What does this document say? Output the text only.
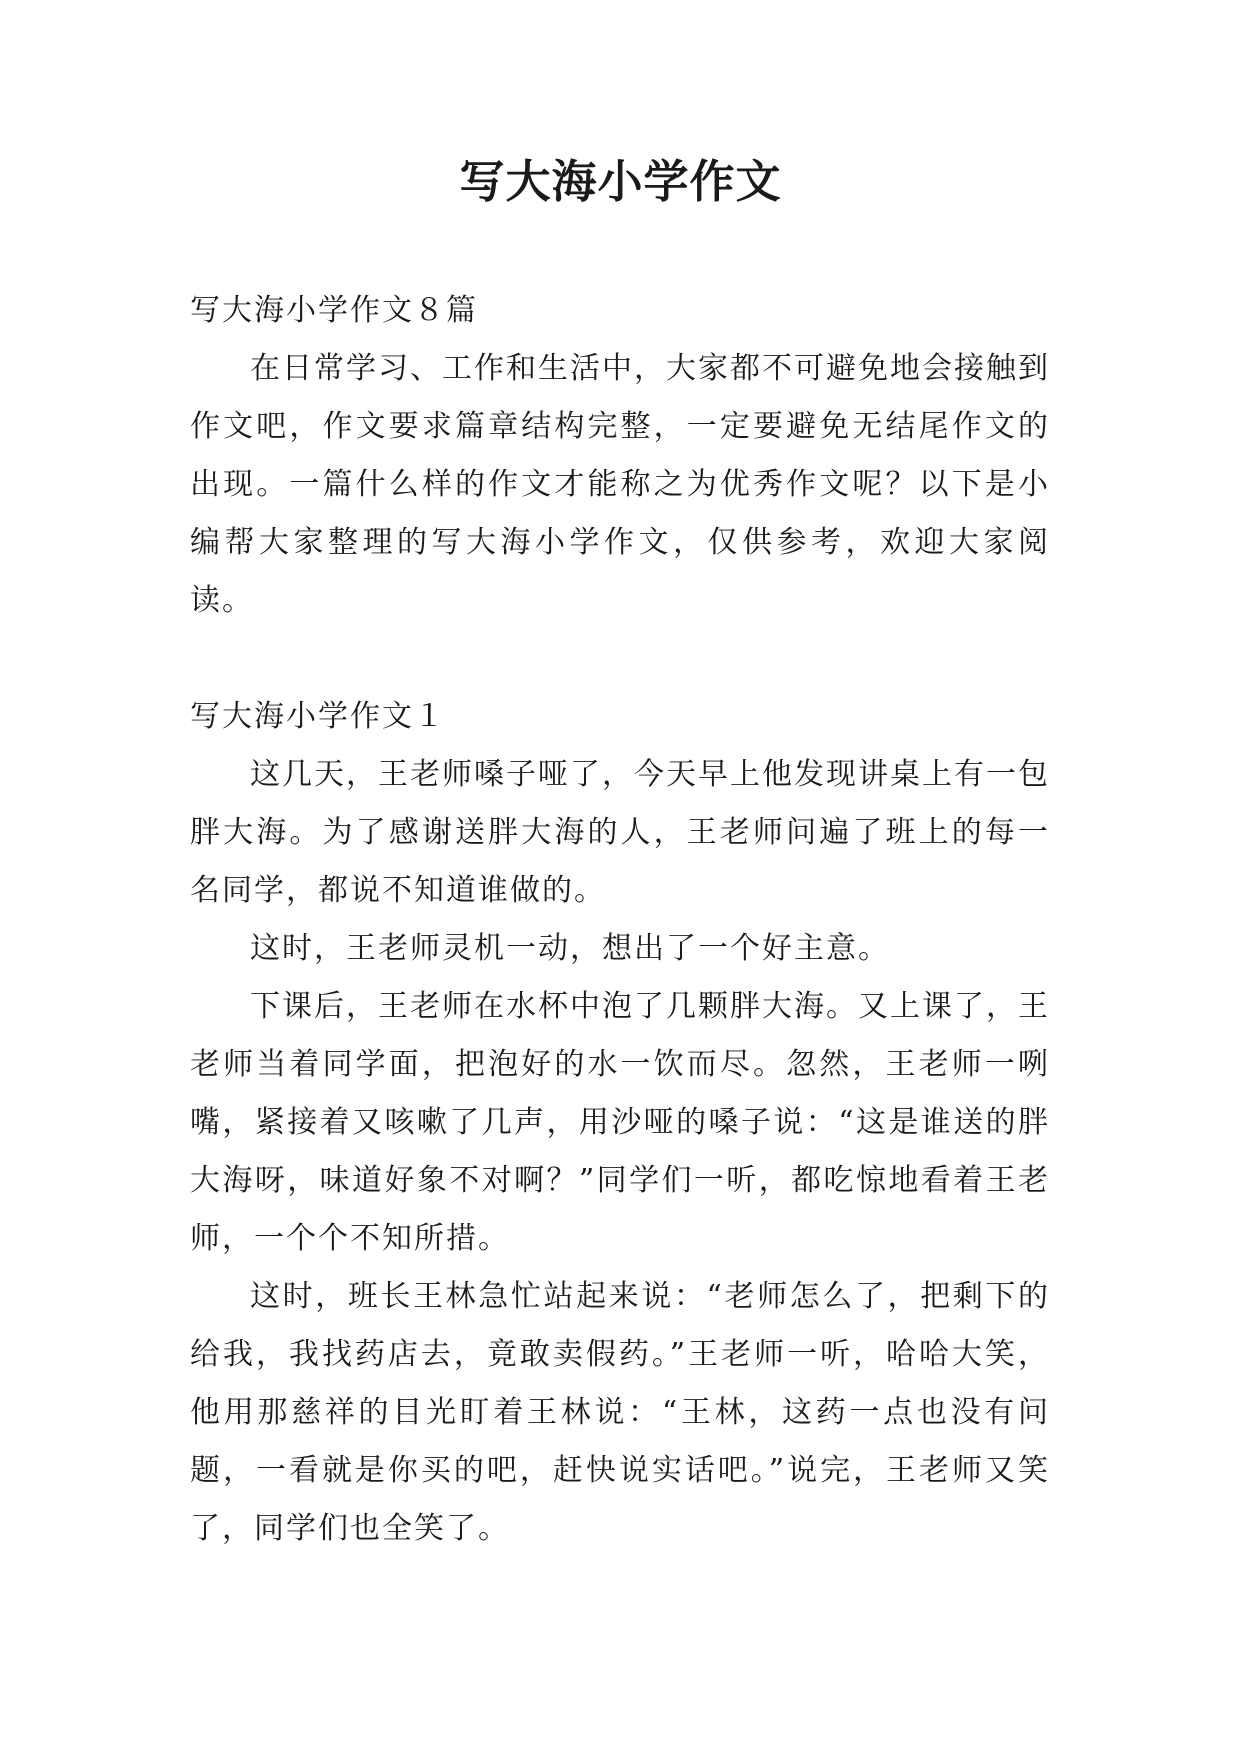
写大海小学作文

写大海小学作文８篇

在日常学习、工作和生活中，大家都不可避免地会接触到作文吧，作文要求篇章结构完整，一定要避免无结尾作文的出现。一篇什么样的作文才能称之为优秀作文呢？以下是小编帮大家整理的写大海小学作文，仅供参考，欢迎大家阅读。

写大海小学作文１

这几天，王老师嗓子哑了，今天早上他发现讲桌上有一包胖大海。为了感谢送胖大海的人，王老师问遍了班上的每一名同学，都说不知道谁做的。

这时，王老师灵机一动，想出了一个好主意。

下课后，王老师在水杯中泡了几颗胖大海。又上课了，王老师当着同学面，把泡好的水一饮而尽。忽然，王老师一咧嘴，紧接着又咳嗽了几声，用沙哑的嗓子说：“这是谁送的胖大海呀，味道好象不对啊？”同学们一听，都吃惊地看着王老师，一个个不知所措。

这时，班长王林急忙站起来说：“老师怎么了，把剩下的给我，我找药店去，竟敢卖假药。”王老师一听，哈哈大笑，他用那慈祥的目光盯着王林说：“王林，这药一点也没有问题，一看就是你买的吧，赶快说实话吧。”说完，王老师又笑了，同学们也全笑了。
